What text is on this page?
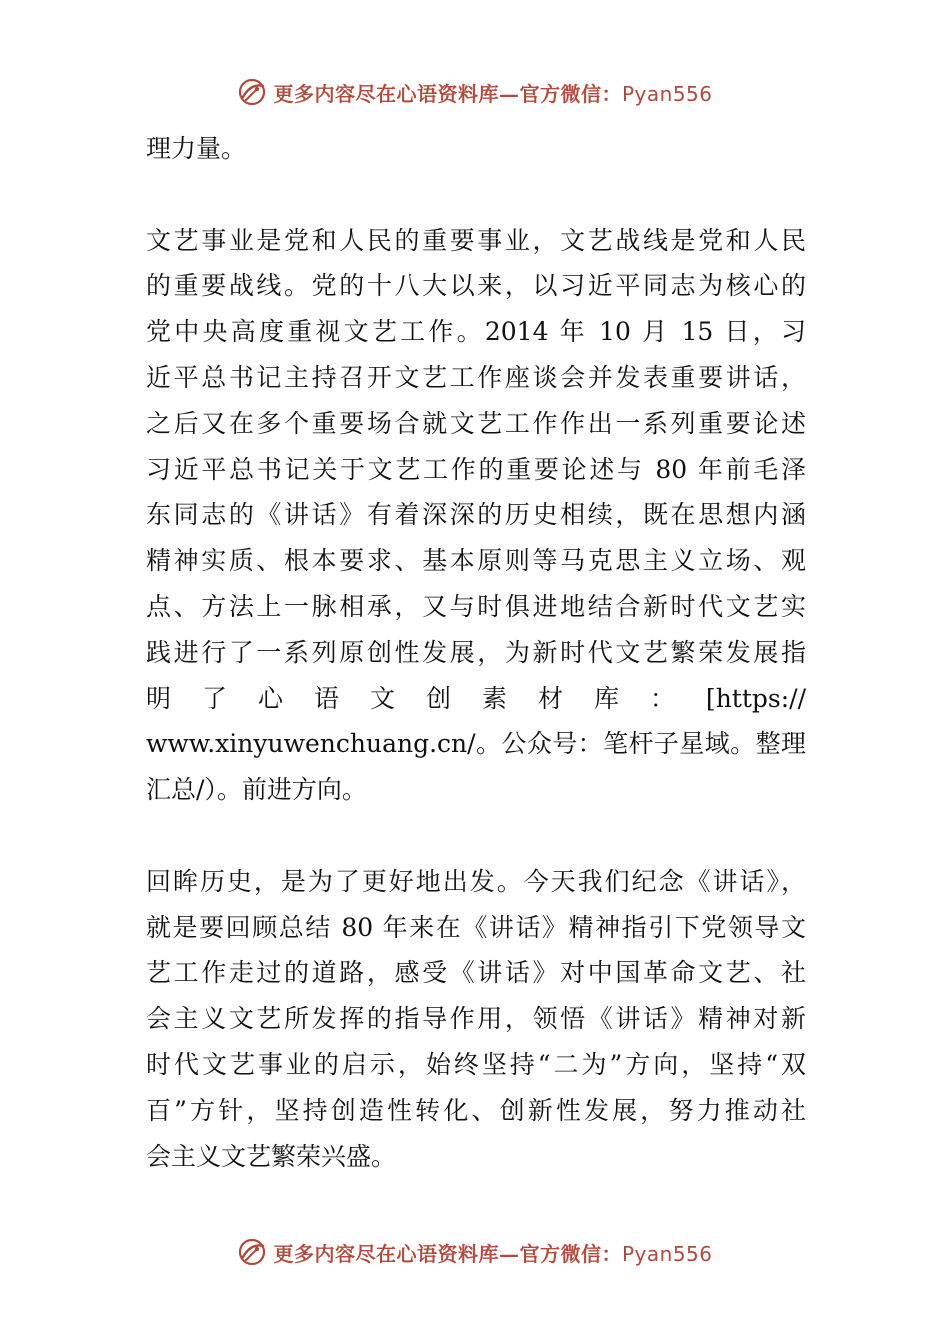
更多内容尽在心语资料库—官方微信：Pyan556
理力量。
文艺事业是党和人民的重要事业，文艺战线是党和人民
的重要战线。党的十八大以来，以习近平同志为核心的
党中央高度重视文艺工作。2014 年 10 月 15 日，习
近平总书记主持召开文艺工作座谈会并发表重要讲话，
之后又在多个重要场合就文艺工作作出一系列重要论述
习近平总书记关于文艺工作的重要论述与 80 年前毛泽
东同志的《讲话》有着深深的历史相续，既在思想内涵
精神实质、根本要求、基本原则等马克思主义立场、观
点、方法上一脉相承，又与时俱进地结合新时代文艺实
践进行了一系列原创性发展，为新时代文艺繁荣发展指
明 了 心 语 文 创 素 材 库 ： [https://
www.xinyuwenchuang.cn/。公众号：笔杆子星域。整理
汇总/）。前进方向。
回眸历史，是为了更好地出发。今天我们纪念《讲话》，
就是要回顾总结 80 年来在《讲话》精神指引下党领导文
艺工作走过的道路，感受《讲话》对中国革命文艺、社
会主义文艺所发挥的指导作用，领悟《讲话》精神对新
时代文艺事业的启示，始终坚持“二为”方向，坚持“双
百”方针，坚持创造性转化、创新性发展，努力推动社
会主义文艺繁荣兴盛。
更多内容尽在心语资料库—官方微信：Pyan556
